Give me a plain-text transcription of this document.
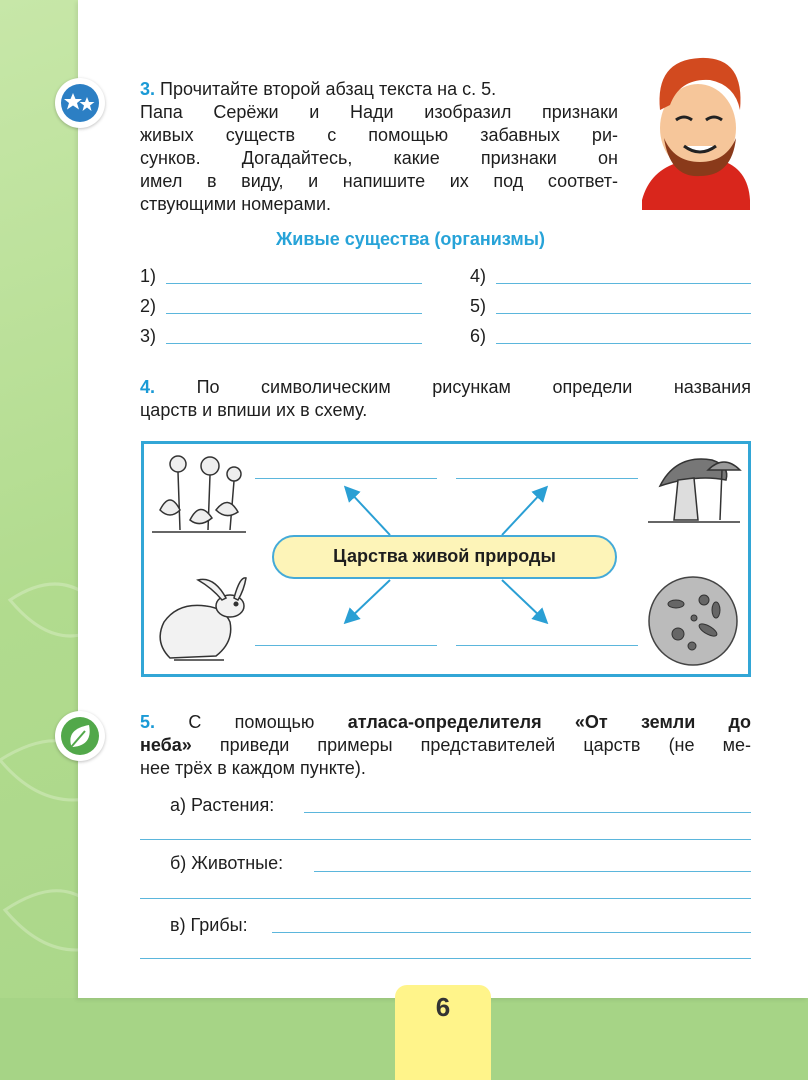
3. Прочитайте второй абзац текста на с. 5.
Папа Серёжи и Нади изобразил признаки
живых существ с помощью забавных ри-
сунков. Догадайтесь, какие признаки он
имел в виду, и напишите их под соответ-
ствующими номерами.
Живые существа (организмы)
1)
2)
3)
4)
5)
6)
4. По символическим рисункам определи названия
царств и впиши их в схему.
Царства живой природы
5. С помощью атласа-определителя «От земли до
неба» приведи примеры представителей царств (не ме-
нее трёх в каждом пункте).
а) Растения:
б) Животные:
в) Грибы:
6
